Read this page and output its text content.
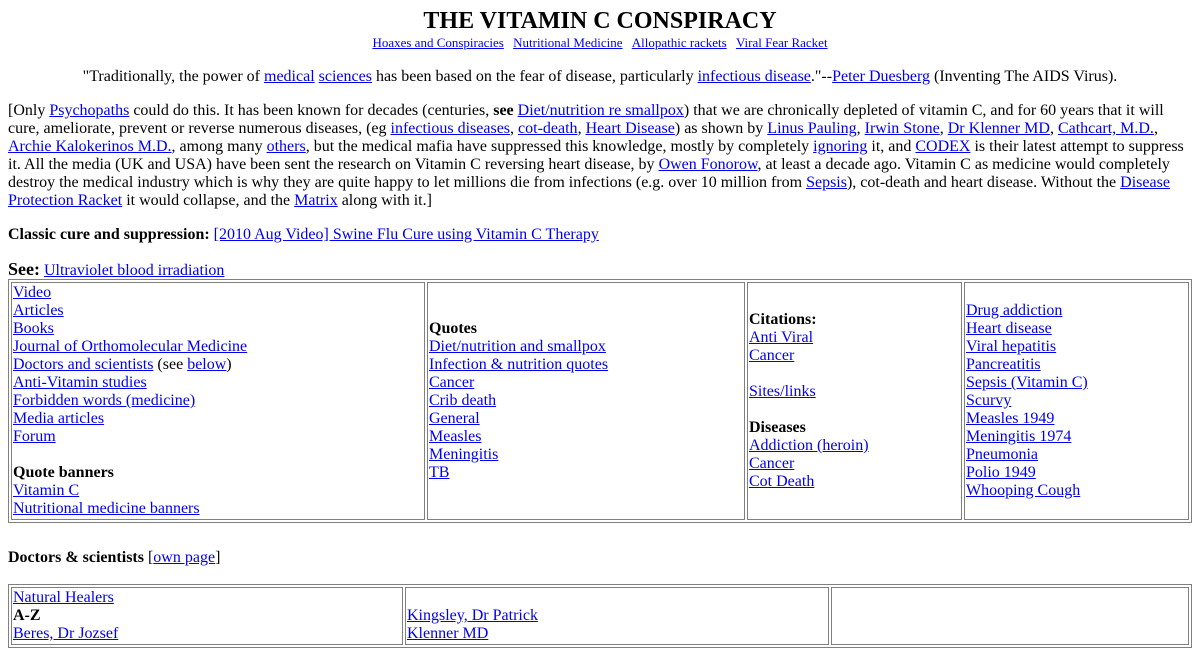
THE VITAMIN C CONSPIRACY
Hoaxes and Conspiracies Nutritional Medicine Allopathic rackets Viral Fear Racket
"Traditionally, the power of medical sciences has been based on the fear of disease, particularly infectious disease."--Peter Duesberg (Inventing The AIDS Virus).
[Only Psychopaths could do this. It has been known for decades (centuries, see Diet/nutrition re smallpox) that we are chronically depleted of vitamin C, and for 60 years that it will cure, ameliorate, prevent or reverse numerous diseases, (eg infectious diseases, cot-death, Heart Disease) as shown by Linus Pauling, Irwin Stone, Dr Klenner MD, Cathcart, M.D., Archie Kalokerinos M.D., among many others, but the medical mafia have suppressed this knowledge, mostly by completely ignoring it, and CODEX is their latest attempt to suppress it. All the media (UK and USA) have been sent the research on Vitamin C reversing heart disease, by Owen Fonorow, at least a decade ago. Vitamin C as medicine would completely destroy the medical industry which is why they are quite happy to let millions die from infections (e.g. over 10 million from Sepsis), cot-death and heart disease. Without the Disease Protection Racket it would collapse, and the Matrix along with it.]
Classic cure and suppression: [2010 Aug Video] Swine Flu Cure using Vitamin C Therapy
See: Ultraviolet blood irradiation
Video
Articles
Books
Journal of Orthomolecular Medicine
Doctors and scientists (see below)
Anti-Vitamin studies
Forbidden words (medicine)
Media articles
Forum
Quote banners
Vitamin C
Nutritional medicine banners

Quotes
Diet/nutrition and smallpox
Infection & nutrition quotes
Cancer
Crib death
General
Measles
Meningitis
TB

Citations:
Anti Viral
Cancer
Sites/links
Diseases
Addiction (heroin)
Cancer
Cot Death

Drug addiction
Heart disease
Viral hepatitis
Pancreatitis
Sepsis (Vitamin C)
Scurvy
Measles 1949
Meningitis 1974
Pneumonia
Polio 1949
Whooping Cough
Doctors & scientists [own page]
Natural Healers
A-Z
Beres, Dr Jozsef

Kingsley, Dr Patrick
Klenner MD
